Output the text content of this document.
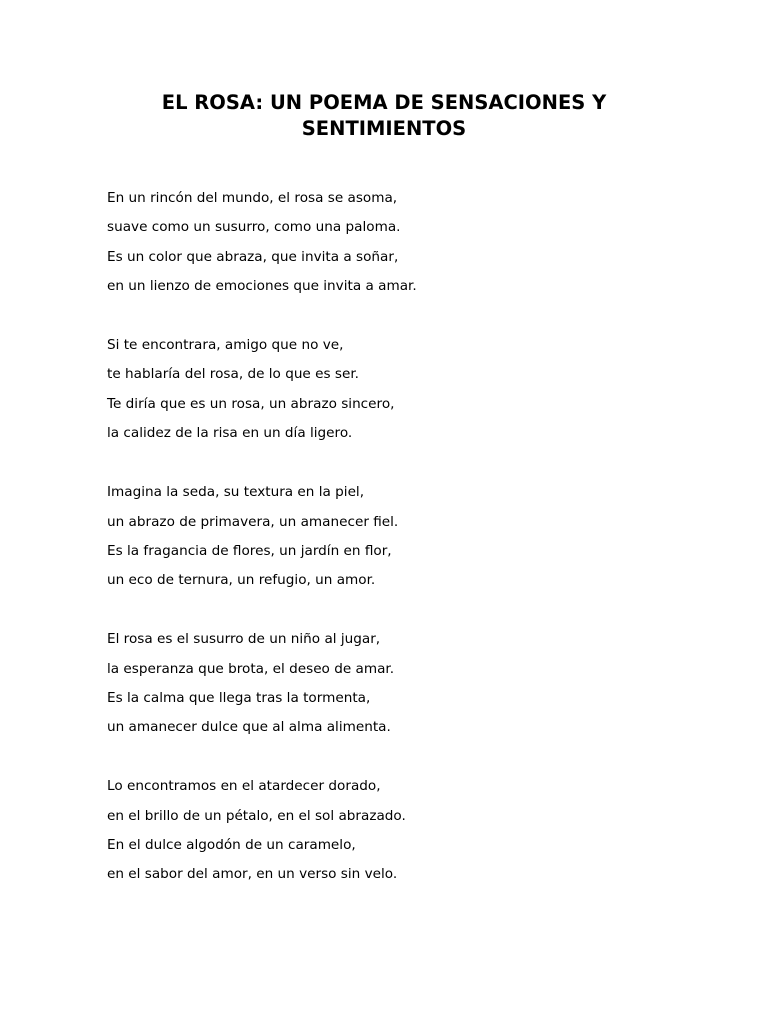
EL ROSA: UN POEMA DE SENSACIONES Y
SENTIMIENTOS
En un rincón del mundo, el rosa se asoma,
suave como un susurro, como una paloma.
Es un color que abraza, que invita a soñar,
en un lienzo de emociones que invita a amar.
Si te encontrara, amigo que no ve,
te hablaría del rosa, de lo que es ser.
Te diría que es un rosa, un abrazo sincero,
la calidez de la risa en un día ligero.
Imagina la seda, su textura en la piel,
un abrazo de primavera, un amanecer fiel.
Es la fragancia de flores, un jardín en flor,
un eco de ternura, un refugio, un amor.
El rosa es el susurro de un niño al jugar,
la esperanza que brota, el deseo de amar.
Es la calma que llega tras la tormenta,
un amanecer dulce que al alma alimenta.
Lo encontramos en el atardecer dorado,
en el brillo de un pétalo, en el sol abrazado.
En el dulce algodón de un caramelo,
en el sabor del amor, en un verso sin velo.
